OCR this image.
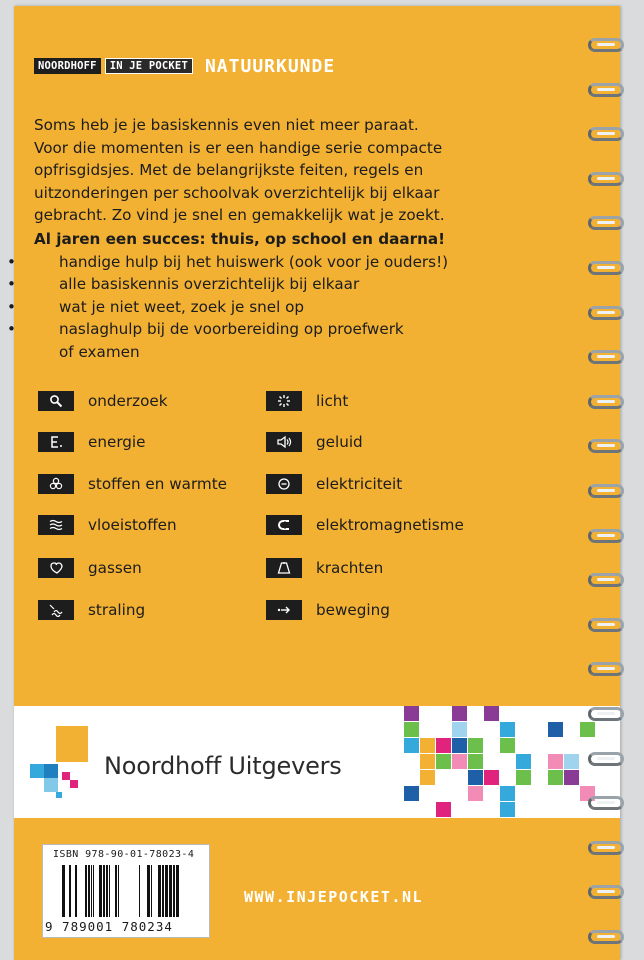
NOORDHOFF	IN JE POCKET NATUURKUNDE

Soms heb je je basiskennis even niet meer paraat.

Voor die momenten is er een handige serie compacte

opfrisgidsjes. Met de belangrijkste feiten, regels en

uitzonderingen per schoolvak overzichtelijk bij elkaar

gebracht. Zo vind je snel en gemakkelijk wat je zoekt.

Al jaren een succes: thuis, op school en daarna!
• handige hulp bij het huiswerk (ook voor je ouders!)
• alle basiskennis overzichtelijk bij elkaar
• wat je niet weet, zoek je snel op
• naslaghulp bij de voorbereiding op proefwerk
of examen
onderzoek	licht
energie	geluid
stoffen en warmte	elektriciteit
vloeistoffen	elektromagnetisme
gassen	krachten
straling	beweging
Noordhoff Uitgevers
ISBN 978-90-01-78023-4
9 789001 780234
WWW.INJEPOCKET.NL
